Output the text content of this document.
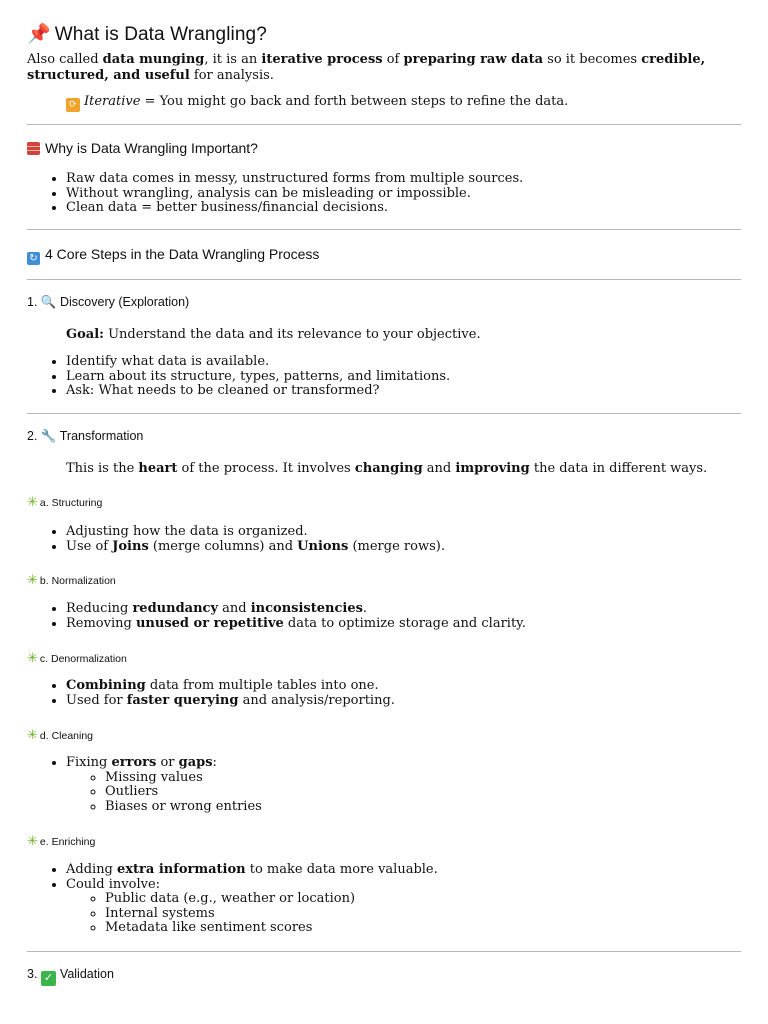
📌 What is Data Wrangling?
Also called data munging, it is an iterative process of preparing raw data so it becomes credible, structured, and useful for analysis.
⟳ Iterative = You might go back and forth between steps to refine the data.
Why is Data Wrangling Important?
• Raw data comes in messy, unstructured forms from multiple sources.
• Without wrangling, analysis can be misleading or impossible.
• Clean data = better business/financial decisions.
↻ 4 Core Steps in the Data Wrangling Process
1. 🔍 Discovery (Exploration)
Goal: Understand the data and its relevance to your objective.
• Identify what data is available.
• Learn about its structure, types, patterns, and limitations.
• Ask: What needs to be cleaned or transformed?
2. 🔧 Transformation
This is the heart of the process. It involves changing and improving the data in different ways.
✳ a. Structuring
• Adjusting how the data is organized.
• Use of Joins (merge columns) and Unions (merge rows).
✳ b. Normalization
• Reducing redundancy and inconsistencies.
• Removing unused or repetitive data to optimize storage and clarity.
✳ c. Denormalization
• Combining data from multiple tables into one.
• Used for faster querying and analysis/reporting.
✳ d. Cleaning
• Fixing errors or gaps:
◦ Missing values
◦ Outliers
◦ Biases or wrong entries
✳ e. Enriching
• Adding extra information to make data more valuable.
• Could involve:
◦ Public data (e.g., weather or location)
◦ Internal systems
◦ Metadata like sentiment scores
3. ✓ Validation
